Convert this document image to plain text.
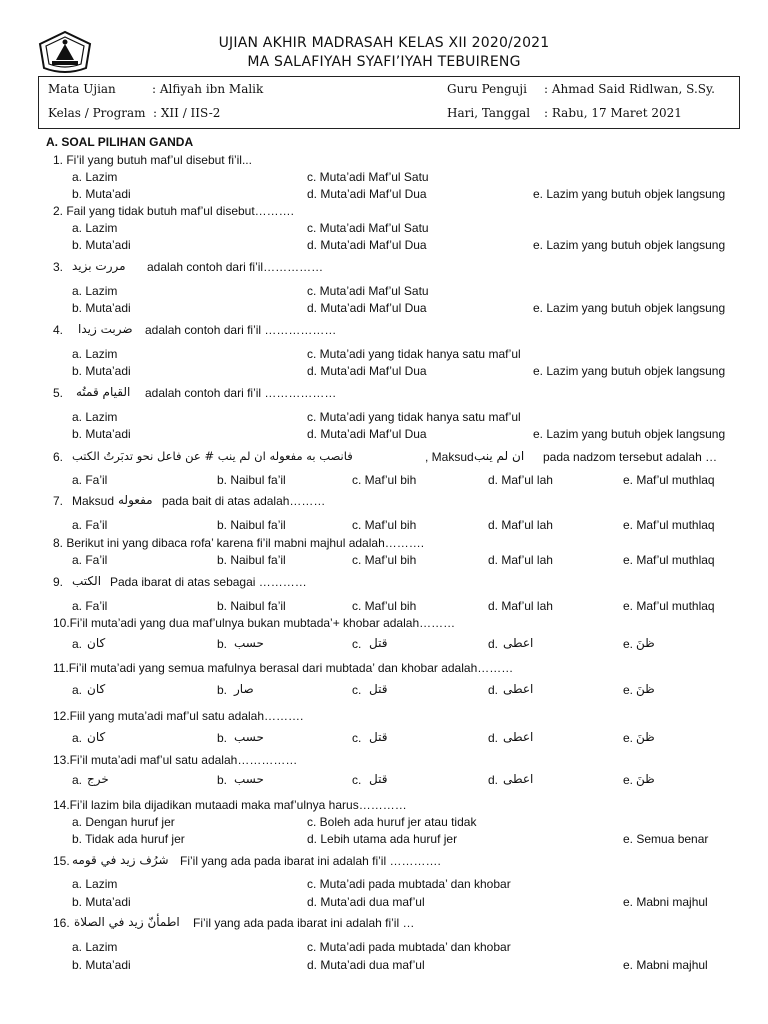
UJIAN AKHIR MADRASAH KELAS XII 2020/2021
MA SALAFIYAH SYAFI’IYAH TEBUIRENG
Mata Ujian	: Alfiyah ibn Malik
Kelas / Program : XII / IIS-2
Guru Penguji : Ahmad Said Ridlwan, S.Sy.
Hari, Tanggal : Rabu, 17 Maret 2021
A. SOAL PILIHAN GANDA
1. Fi’il yang butuh maf’ul disebut fi’il...
a. Lazim
b. Muta’adi
c. Muta’adi Maf’ul Satu
d. Muta’adi Maf’ul Dua	e. Lazim yang butuh objek langsung
2. Fail yang tidak butuh maf’ul disebut……….
a. Lazim
b. Muta’adi
c. Muta’adi Maf’ul Satu
d. Muta’adi Maf’ul Dua	e. Lazim yang butuh objek langsung
3. مررت بزيد adalah contoh dari fi’il……………
a. Lazim
b. Muta’adi
c. Muta’adi Maf’ul Satu
d. Muta’adi Maf’ul Dua	e. Lazim yang butuh objek langsung
4. ضربت زيدا adalah contoh dari fi’il ………………
a. Lazim
b. Muta’adi
c. Muta’adi yang tidak hanya satu maf’ul
d. Muta’adi Maf’ul Dua	e. Lazim yang butuh objek langsung
5. القيام قمتُه adalah contoh dari fi’il ………………
a. Lazim
b. Muta’adi
c. Muta’adi yang tidak hanya satu maf’ul
d. Muta’adi Maf’ul Dua	e. Lazim yang butuh objek langsung
6. فانصب به مفعوله ان لم ينب # عن فاعل نحو تدبَرتُ الكتب	, Maksud ان لم ينب pada nadzom tersebut adalah …
a. Fa’il	b. Naibul fa’il	c. Maf’ul bih	d. Maf’ul lah	e. Maf’ul muthlaq
7. Maksud مفعوله pada bait di atas adalah………
a. Fa’il	b. Naibul fa’il	c. Maf’ul bih	d. Maf’ul lah	e. Maf’ul muthlaq
8. Berikut ini yang dibaca rofa’ karena fi’il mabni majhul adalah……….
a. Fa’il	b. Naibul fa’il	c. Maf’ul bih	d. Maf’ul lah	e. Maf’ul muthlaq
9. الكتب Pada ibarat di atas sebagai …………
a. Fa’il	b. Naibul fa’il	c. Maf’ul bih	d. Maf’ul lah	e. Maf’ul muthlaq
10.Fi’il muta’adi yang dua maf’ulnya bukan mubtada’+ khobar adalah………
a. كان	b. حسب	c. قتل	d. اعطى	e. ظنَ
11.Fi’il muta’adi yang semua mafulnya berasal dari mubtada’ dan khobar adalah………
a. كان	b. صار	c. قتل	d. اعطى	e. ظنَ
12.Fiil yang muta’adi maf’ul satu adalah……….
a. كان	b. حسب	c. قتل	d. اعطى	e. ظنَ
13.Fi’il muta’adi maf’ul satu adalah……………
a. خرج	b. حسب	c. قتل	d. اعطى	e. ظنَ
14.Fi’il lazim bila dijadikan mutaadi maka maf’ulnya harus…………
a. Dengan huruf jer
b. Tidak ada huruf jer
c. Boleh ada huruf jer atau tidak
d. Lebih utama ada huruf jer	e. Semua benar
15. شرُف زيد في قومه Fi’il yang ada pada ibarat ini adalah fi’il ………….
a. Lazim
b. Muta’adi
c. Muta’adi pada mubtada’ dan khobar
d. Muta’adi dua maf’ul	e. Mabni majhul
16. اطمأنّ زيد في الصلاة Fi’il yang ada pada ibarat ini adalah fi’il …
a. Lazim
b. Muta’adi
c. Muta’adi pada mubtada’ dan khobar
d. Muta’adi dua maf’ul	e. Mabni majhul
